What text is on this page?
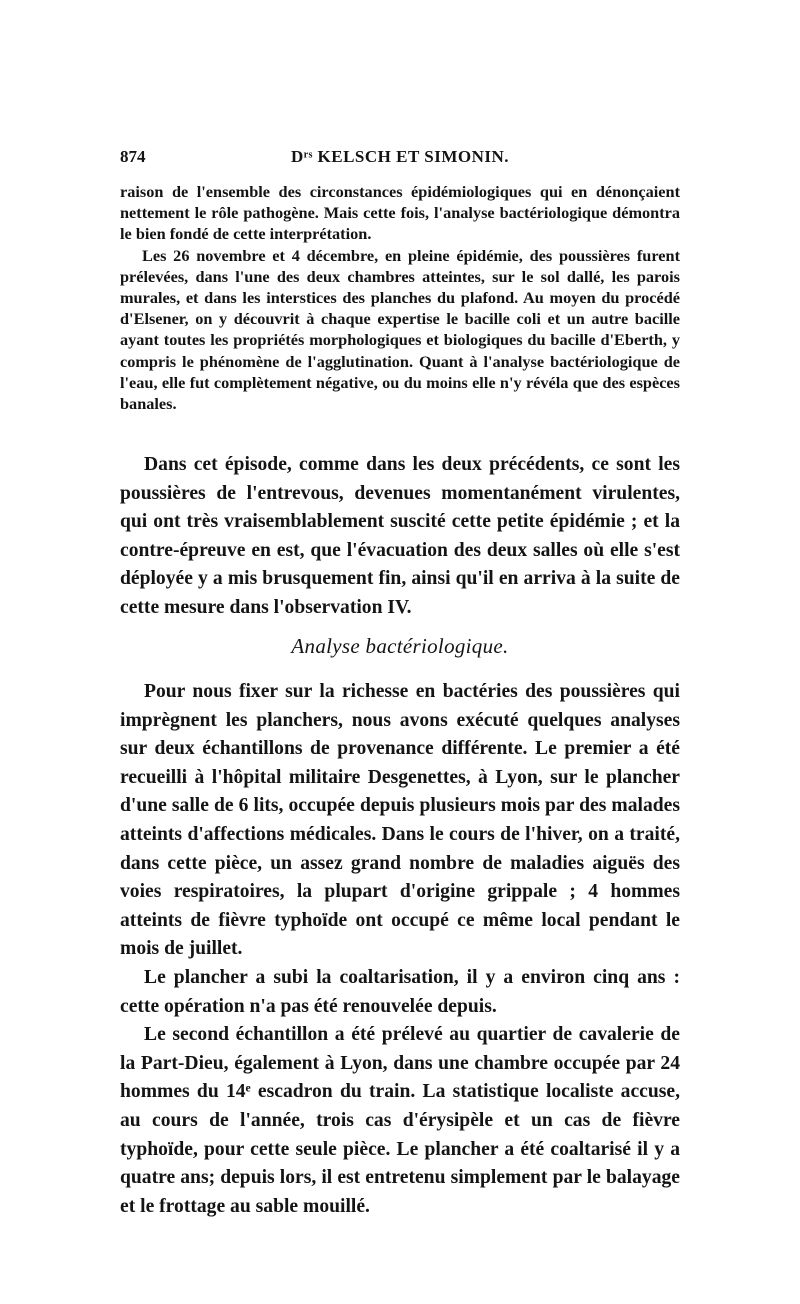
874	Dʳˢ KELSCH ET SIMONIN.

raison de l'ensemble des circonstances épidémiologiques qui en dénonçaient nettement le rôle pathogène. Mais cette fois, l'analyse bactériologique démontra le bien fondé de cette interprétation.

Les 26 novembre et 4 décembre, en pleine épidémie, des poussières furent prélevées, dans l'une des deux chambres atteintes, sur le sol dallé, les parois murales, et dans les interstices des planches du plafond. Au moyen du procédé d'Elsener, on y découvrit à chaque expertise le bacille coli et un autre bacille ayant toutes les propriétés morphologiques et biologiques du bacille d'Eberth, y compris le phénomène de l'agglutination. Quant à l'analyse bactériologique de l'eau, elle fut complètement négative, ou du moins elle n'y révéla que des espèces banales.

Dans cet épisode, comme dans les deux précédents, ce sont les poussières de l'entrevous, devenues momentanément virulentes, qui ont très vraisemblablement suscité cette petite épidémie ; et la contre-épreuve en est, que l'évacuation des deux salles où elle s'est déployée y a mis brusquement fin, ainsi qu'il en arriva à la suite de cette mesure dans l'observation IV.

Analyse bactériologique.

Pour nous fixer sur la richesse en bactéries des poussières qui imprègnent les planchers, nous avons exécuté quelques analyses sur deux échantillons de provenance différente. Le premier a été recueilli à l'hôpital militaire Desgenettes, à Lyon, sur le plancher d'une salle de 6 lits, occupée depuis plusieurs mois par des malades atteints d'affections médicales. Dans le cours de l'hiver, on a traité, dans cette pièce, un assez grand nombre de maladies aiguës des voies respiratoires, la plupart d'origine grippale ; 4 hommes atteints de fièvre typhoïde ont occupé ce même local pendant le mois de juillet.

Le plancher a subi la coaltarisation, il y a environ cinq ans : cette opération n'a pas été renouvelée depuis.

Le second échantillon a été prélevé au quartier de cavalerie de la Part-Dieu, également à Lyon, dans une chambre occupée par 24 hommes du 14ᵉ escadron du train. La statistique localiste accuse, au cours de l'année, trois cas d'érysipèle et un cas de fièvre typhoïde, pour cette seule pièce. Le plancher a été coaltarisé il y a quatre ans; depuis lors, il est entretenu simplement par le balayage et le frottage au sable mouillé.
